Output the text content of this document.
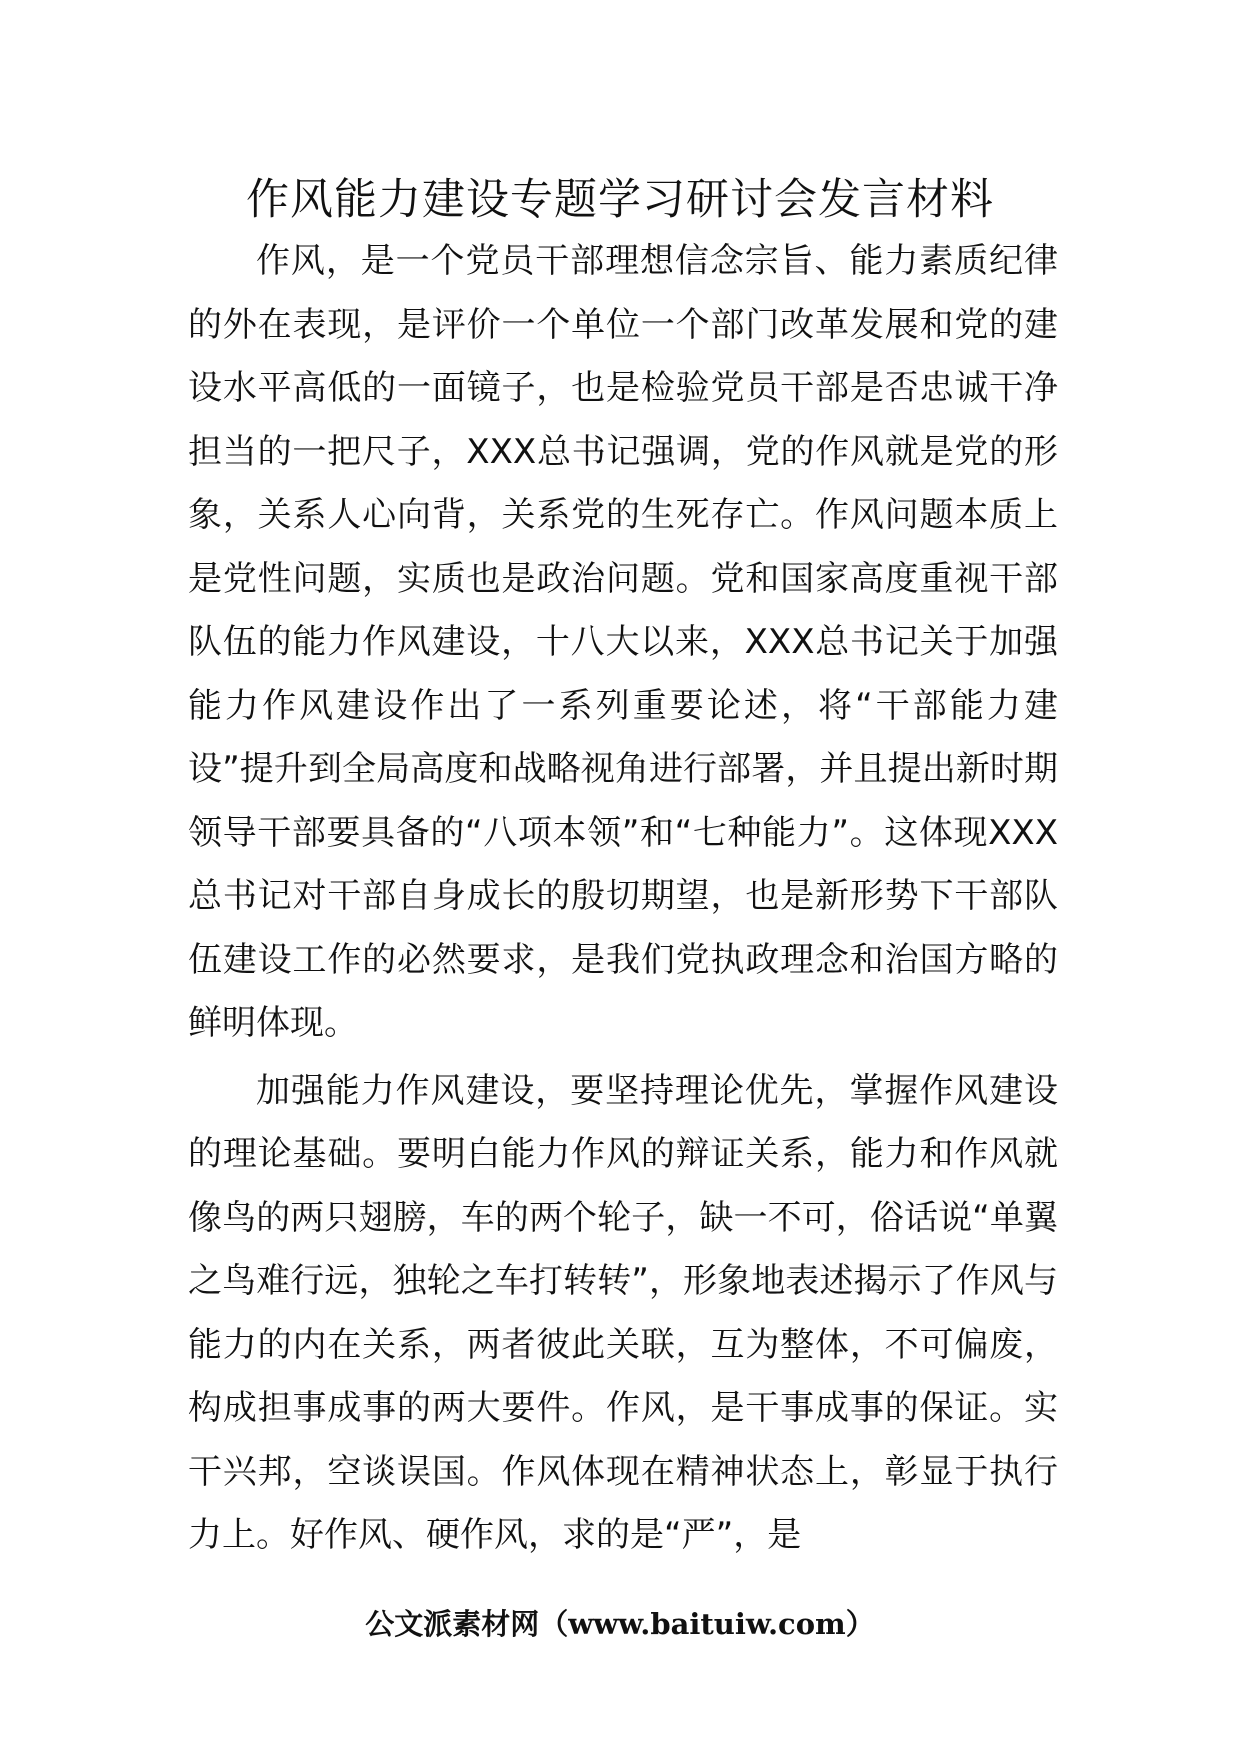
作风能力建设专题学习研讨会发言材料

作风，是一个党员干部理想信念宗旨、能力素质纪律的外在表现，是评价一个单位一个部门改革发展和党的建设水平高低的一面镜子，也是检验党员干部是否忠诚干净担当的一把尺子，XXX总书记强调，党的作风就是党的形象，关系人心向背，关系党的生死存亡。作风问题本质上是党性问题，实质也是政治问题。党和国家高度重视干部队伍的能力作风建设，十八大以来，XXX总书记关于加强能力作风建设作出了一系列重要论述，将“干部能力建设”提升到全局高度和战略视角进行部署，并且提出新时期领导干部要具备的“八项本领”和“七种能力”。这体现XXX总书记对干部自身成长的殷切期望，也是新形势下干部队伍建设工作的必然要求，是我们党执政理念和治国方略的鲜明体现。

加强能力作风建设，要坚持理论优先，掌握作风建设的理论基础。要明白能力作风的辩证关系，能力和作风就像鸟的两只翅膀，车的两个轮子，缺一不可，俗话说“单翼之鸟难行远，独轮之车打转转”，形象地表述揭示了作风与能力的内在关系，两者彼此关联，互为整体，不可偏废，构成担事成事的两大要件。作风，是干事成事的保证。实干兴邦，空谈误国。作风体现在精神状态上，彰显于执行力上。好作风、硬作风，求的是“严”，是

公文派素材网（www.baituiw.com）
